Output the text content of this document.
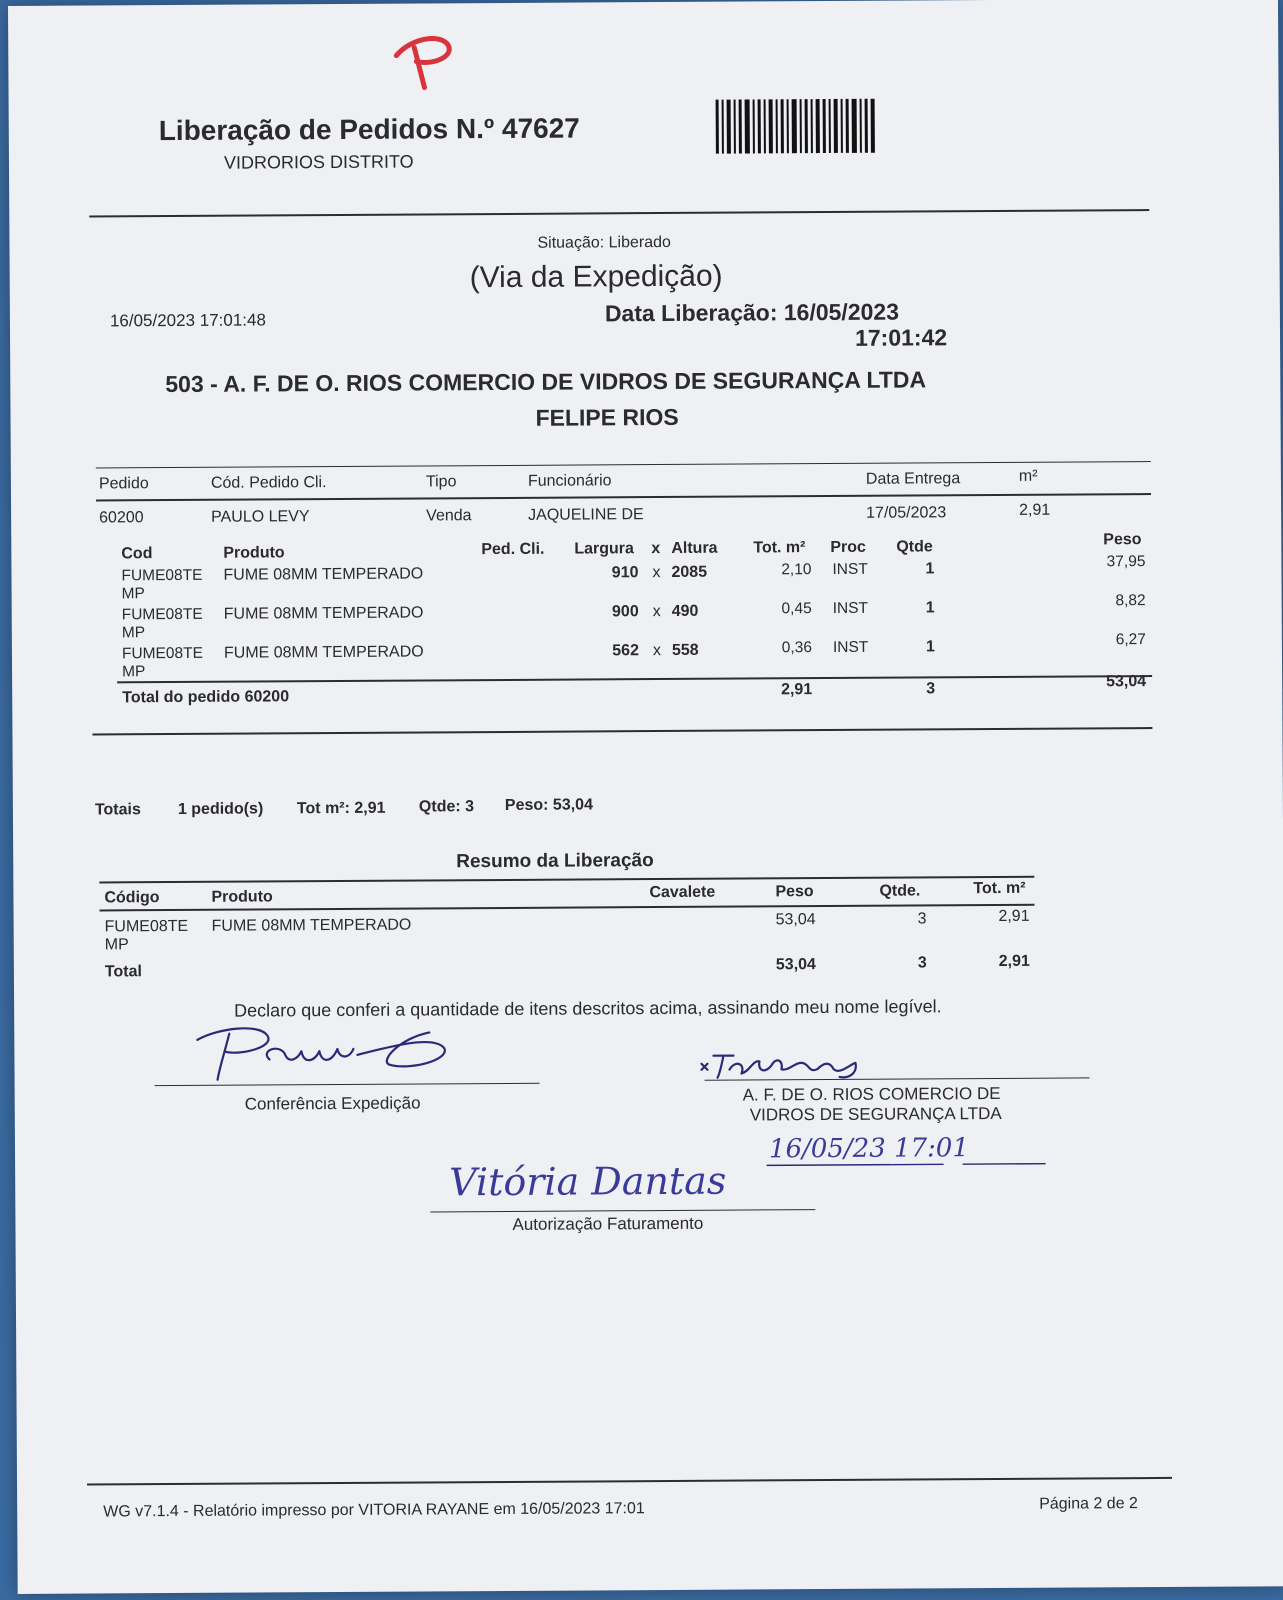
Liberação de Pedidos N.º 47627
VIDRORIOS DISTRITO
Situação: Liberado
(Via da Expedição)
16/05/2023 17:01:48	Data Liberação: 16/05/2023
17:01:42
503 - A. F. DE O. RIOS COMERCIO DE VIDROS DE SEGURANÇA LTDA
FELIPE RIOS
Pedido	Cód. Pedido Cli.	Tipo	Funcionário	Data Entrega	m²
60200	PAULO LEVY	Venda	JAQUELINE DE	17/05/2023	2,91
Cod	Produto	Ped. Cli. Largura x Altura Tot. m² Proc Qtde	Peso
FUME08TE
MP
FUME 08MM TEMPERADO	910 x 2085	2,10 INST	1	37,95
FUME08TE
MP
FUME 08MM TEMPERADO	900 x 490	0,45 INST	1	8,82
FUME08TE
MP
FUME 08MM TEMPERADO	562 x 558	0,36 INST	1	6,27
Total do pedido 60200	2,91	3	53,04
Totais 1 pedido(s) Tot m²: 2,91 Qtde: 3 Peso: 53,04
Resumo da Liberação
Código	Produto	Cavalete	Peso	Qtde.	Tot. m²
FUME08TE
MP
FUME 08MM TEMPERADO	53,04	3	2,91
Total	53,04	3	2,91
Declaro que conferi a quantidade de itens descritos acima, assinando meu nome legível.
Conferência Expedição	A. F. DE O. RIOS COMERCIO DE
VIDROS DE SEGURANÇA LTDA
16/05/23 17:01
Vitória Dantas
Autorização Faturamento
WG v7.1.4 - Relatório impresso por VITORIA RAYANE em 16/05/2023 17:01	Página 2 de 2
